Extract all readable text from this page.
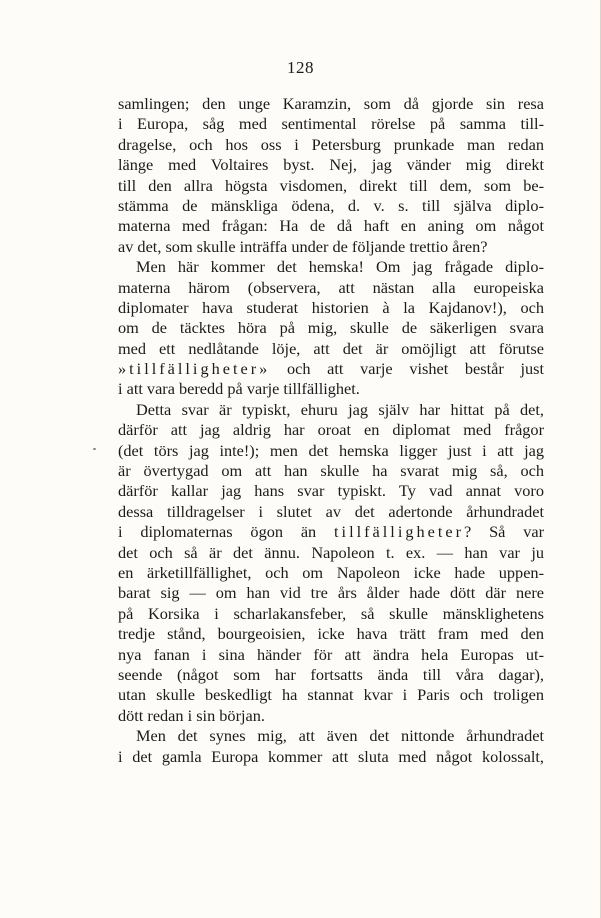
128
samlingen; den unge Karamzin, som då gjorde sin resa
i Europa, såg med sentimental rörelse på samma till-
dragelse, och hos oss i Petersburg prunkade man redan
länge med Voltaires byst. Nej, jag vänder mig direkt
till den allra högsta visdomen, direkt till dem, som be-
stämma de mänskliga ödena, d. v. s. till själva diplo-
materna med frågan: Ha de då haft en aning om något
av det, som skulle inträffa under de följande trettio åren?
Men här kommer det hemska! Om jag frågade diplo-
materna härom (observera, att nästan alla europeiska
diplomater hava studerat historien à la Kajdanov!), och
om de täcktes höra på mig, skulle de säkerligen svara
med ett nedlåtande löje, att det är omöjligt att förutse
»tillfälligheter» och att varje vishet består just
i att vara beredd på varje tillfällighet.
Detta svar är typiskt, ehuru jag själv har hittat på det,
därför att jag aldrig har oroat en diplomat med frågor
(det törs jag inte!); men det hemska ligger just i att jag
är övertygad om att han skulle ha svarat mig så, och
därför kallar jag hans svar typiskt. Ty vad annat voro
dessa tilldragelser i slutet av det adertonde århundradet
i diplomaternas ögon än tillfälligheter? Så var
det och så är det ännu. Napoleon t. ex. — han var ju
en ärketillfällighet, och om Napoleon icke hade uppen-
barat sig — om han vid tre års ålder hade dött där nere
på Korsika i scharlakansfeber, så skulle mänsklighetens
tredje stånd, bourgeoisien, icke hava trätt fram med den
nya fanan i sina händer för att ändra hela Europas ut-
seende (något som har fortsatts ända till våra dagar),
utan skulle beskedligt ha stannat kvar i Paris och troligen
dött redan i sin början.
Men det synes mig, att även det nittonde århundradet
i det gamla Europa kommer att sluta med något kolossalt,
